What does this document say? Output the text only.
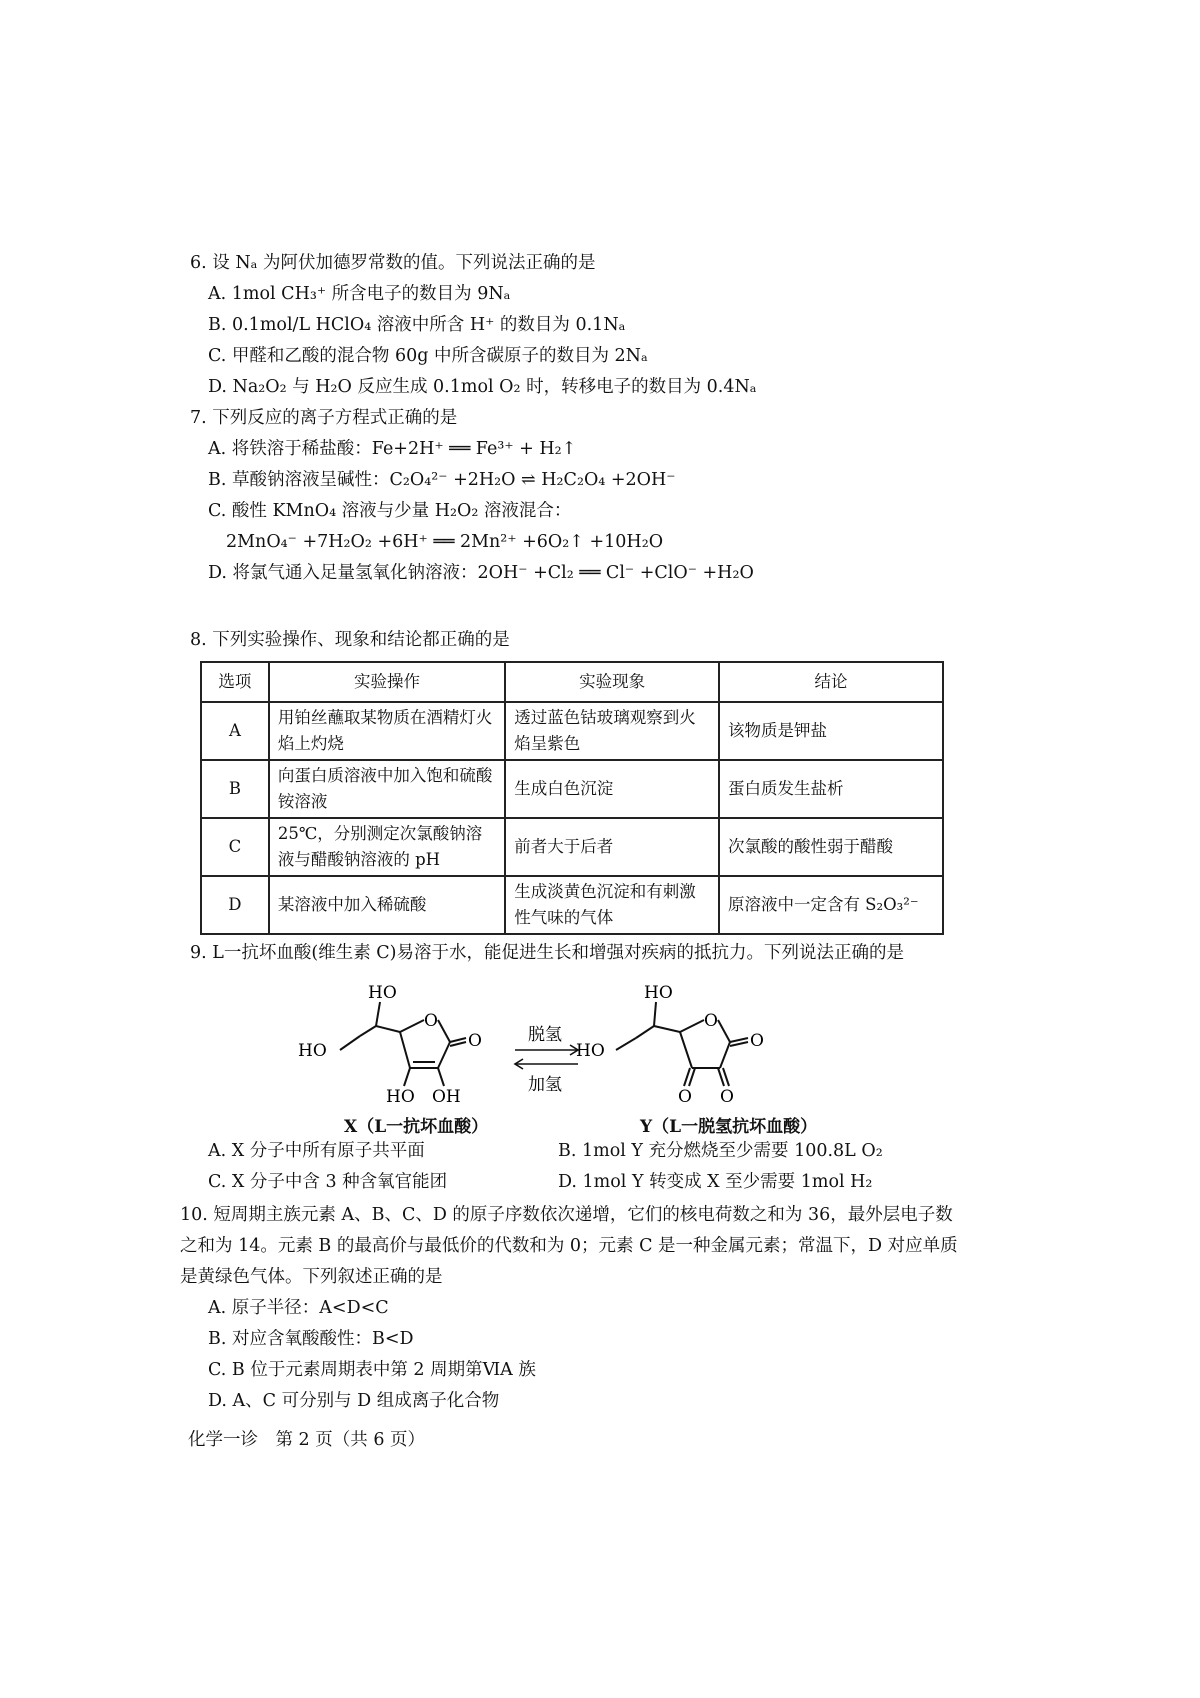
6. 设 Nₐ 为阿伏加德罗常数的值。下列说法正确的是
A. 1mol CH₃⁺ 所含电子的数目为 9Nₐ
B. 0.1mol/L HClO₄ 溶液中所含 H⁺ 的数目为 0.1Nₐ
C. 甲醛和乙酸的混合物 60g 中所含碳原子的数目为 2Nₐ
D. Na₂O₂ 与 H₂O 反应生成 0.1mol O₂ 时，转移电子的数目为 0.4Nₐ
7. 下列反应的离子方程式正确的是
A. 将铁溶于稀盐酸：Fe+2H⁺ ══ Fe³⁺ + H₂↑
B. 草酸钠溶液呈碱性：C₂O₄²⁻ +2H₂O ⇌ H₂C₂O₄ +2OH⁻
C. 酸性 KMnO₄ 溶液与少量 H₂O₂ 溶液混合：
2MnO₄⁻ +7H₂O₂ +6H⁺ ══ 2Mn²⁺ +6O₂↑ +10H₂O
D. 将氯气通入足量氢氧化钠溶液：2OH⁻ +Cl₂ ══ Cl⁻ +ClO⁻ +H₂O
8. 下列实验操作、现象和结论都正确的是
选项	实验操作	实验现象	结论
A	用铂丝蘸取某物质在酒精灯火焰上灼烧	透过蓝色钴玻璃观察到火焰呈紫色	该物质是钾盐
B	向蛋白质溶液中加入饱和硫酸铵溶液	生成白色沉淀	蛋白质发生盐析
C	25℃，分别测定次氯酸钠溶液与醋酸钠溶液的 pH	前者大于后者	次氯酸的酸性弱于醋酸
D	某溶液中加入稀硫酸	生成淡黄色沉淀和有刺激性气味的气体	原溶液中一定含有 S₂O₃²⁻
9. L一抗坏血酸(维生素 C)易溶于水，能促进生长和增强对疾病的抵抗力。下列说法正确的是
HO
HO
O
O
HO OH
脱氢
加氢
HO
HO
O
O
O O
X（L一抗坏血酸）	Y（L一脱氢抗坏血酸）
A. X 分子中所有原子共平面	B. 1mol Y 充分燃烧至少需要 100.8L O₂
C. X 分子中含 3 种含氧官能团	D. 1mol Y 转变成 X 至少需要 1mol H₂
10. 短周期主族元素 A、B、C、D 的原子序数依次递增，它们的核电荷数之和为 36，最外层电子数之和为 14。元素 B 的最高价与最低价的代数和为 0；元素 C 是一种金属元素；常温下，D 对应单质是黄绿色气体。下列叙述正确的是
A. 原子半径：A<D<C
B. 对应含氧酸酸性：B<D
C. B 位于元素周期表中第 2 周期第ⅥA 族
D. A、C 可分别与 D 组成离子化合物
化学一诊　第 2 页（共 6 页）
